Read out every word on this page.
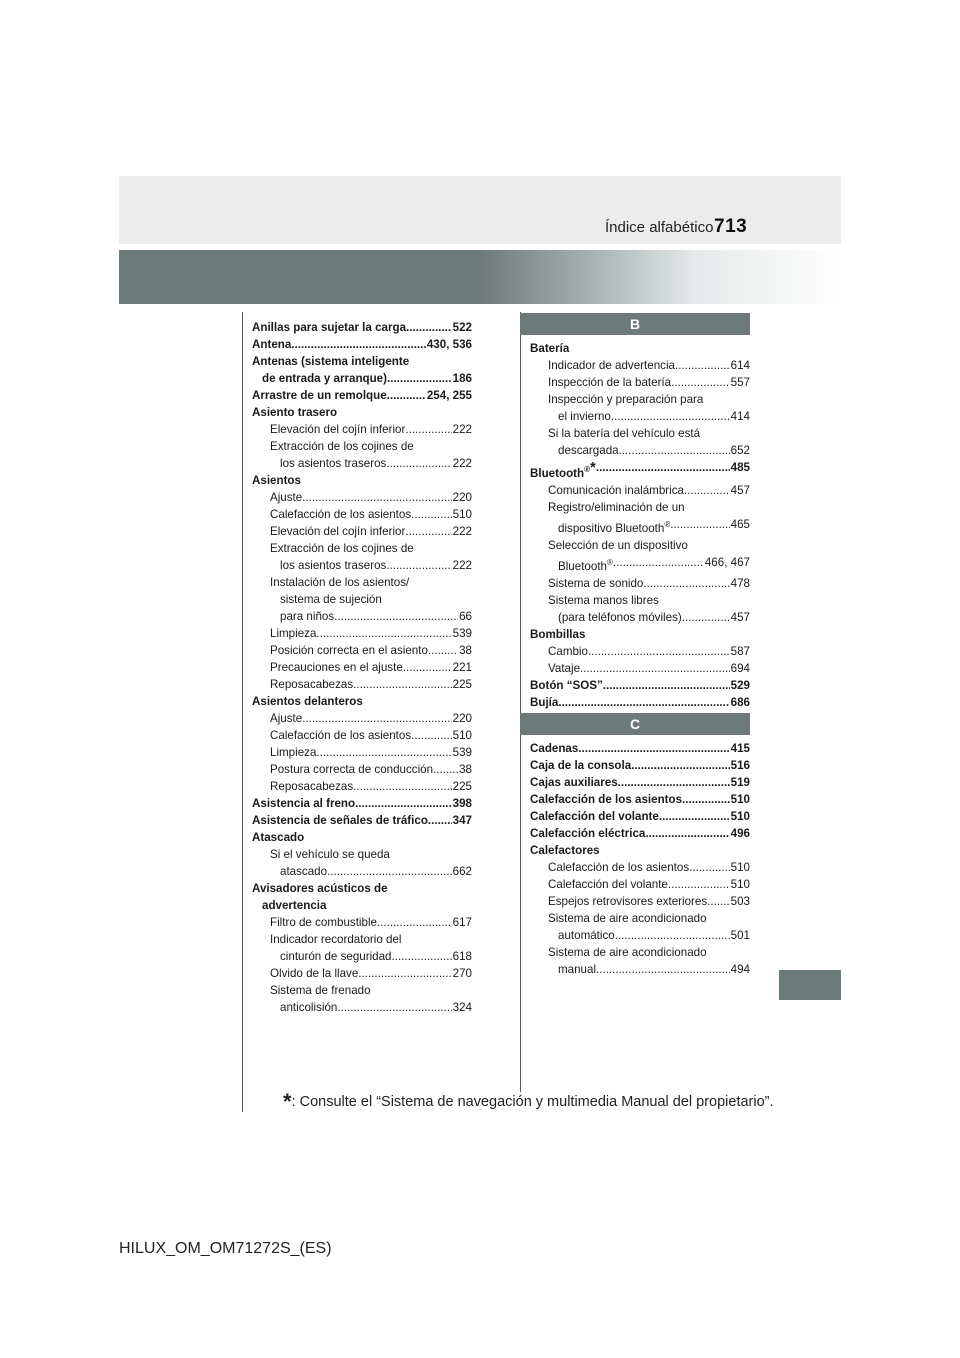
Índice alfabético 713
Anillas para sujetar la carga .....	522
Antena .....	430, 536
Antenas (sistema inteligente
de entrada y arranque) .....	186
Arrastre de un remolque .....	254, 255
Asiento trasero
Elevación del cojín inferior .....	222
Extracción de los cojines de
los asientos traseros .....	222
Asientos
Ajuste .....	220
Calefacción de los asientos .....	510
Elevación del cojín inferior .....	222
Extracción de los cojines de
los asientos traseros .....	222
Instalación de los asientos/
sistema de sujeción
para niños .....	66
Limpieza .....	539
Posición correcta en el asiento .....	38
Precauciones en el ajuste .....	221
Reposacabezas .....	225
Asientos delanteros
Ajuste .....	220
Calefacción de los asientos .....	510
Limpieza .....	539
Postura correcta de conducción ..... 38
Reposacabezas .....	225
Asistencia al freno .....	398
Asistencia de señales de tráfico ..... 347
Atascado
Si el vehículo se queda
atascado .....	662
Avisadores acústicos de
advertencia
Filtro de combustible .....	617
Indicador recordatorio del
cinturón de seguridad .....	618
Olvido de la llave .....	270
Sistema de frenado
anticolisión .....	324
B
Batería
Indicador de advertencia .....	614
Inspección de la batería .....	557
Inspección y preparación para
el invierno .....	414
Si la batería del vehículo está
descargada .....	652
Bluetooth®* .....	485
Comunicación inalámbrica .....	457
Registro/eliminación de un
dispositivo Bluetooth® .....	465
Selección de un dispositivo
Bluetooth® .....	466, 467
Sistema de sonido .....	478
Sistema manos libres
(para teléfonos móviles) .....	457
Bombillas
Cambio .....	587
Vataje .....	694
Botón “SOS” .....	529
Bujía .....	686
C
Cadenas .....	415
Caja de la consola .....	516
Cajas auxiliares .....	519
Calefacción de los asientos .....	510
Calefacción del volante .....	510
Calefacción eléctrica .....	496
Calefactores
Calefacción de los asientos .....	510
Calefacción del volante .....	510
Espejos retrovisores exteriores ..... 503
Sistema de aire acondicionado
automático .....	501
Sistema de aire acondicionado
manual .....	494
*: Consulte el “Sistema de navegación y multimedia Manual del propietario”.
HILUX_OM_OM71272S_(ES)
